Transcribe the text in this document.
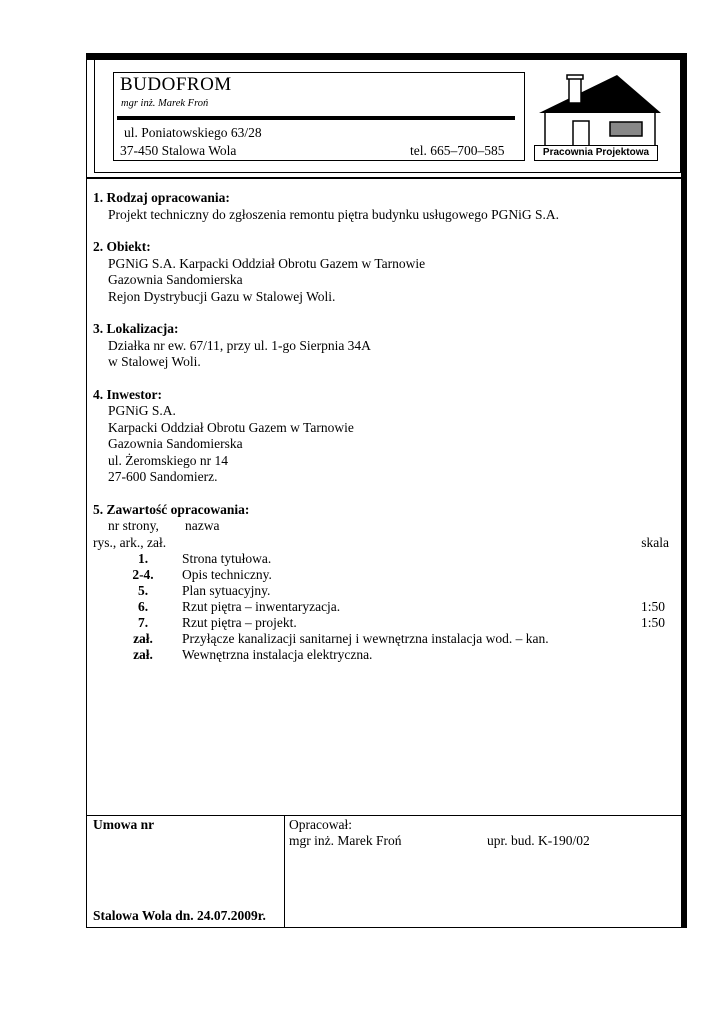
BUDOFROM
mgr inż. Marek Froń
ul. Poniatowskiego 63/28
37-450 Stalowa Wola	tel. 665–700–585	Pracownia Projektowa
1. Rodzaj opracowania:
Projekt techniczny do zgłoszenia remontu piętra budynku usługowego PGNiG S.A.
2. Obiekt:
PGNiG S.A. Karpacki Oddział Obrotu Gazem w Tarnowie
Gazownia Sandomierska
Rejon Dystrybucji Gazu w Stalowej Woli.
3. Lokalizacja:
Działka nr ew. 67/11, przy ul. 1-go Sierpnia 34A
w Stalowej Woli.
4. Inwestor:
PGNiG S.A.
Karpacki Oddział Obrotu Gazem w Tarnowie
Gazownia Sandomierska
ul. Żeromskiego nr 14
27-600 Sandomierz.
5. Zawartość opracowania:
nr strony, nazwa
rys., ark., zał.	skala
1.	Strona tytułowa.
2-4.	Opis techniczny.
5.	Plan sytuacyjny.
6.	Rzut piętra – inwentaryzacja.	1:50
7.	Rzut piętra – projekt.	1:50
zał.	Przyłącze kanalizacji sanitarnej i wewnętrzna instalacja wod. – kan.
zał.	Wewnętrzna instalacja elektryczna.
Umowa nr
Stalowa Wola dn. 24.07.2009r.
Opracował:
mgr inż. Marek Froń	upr. bud. K-190/02
